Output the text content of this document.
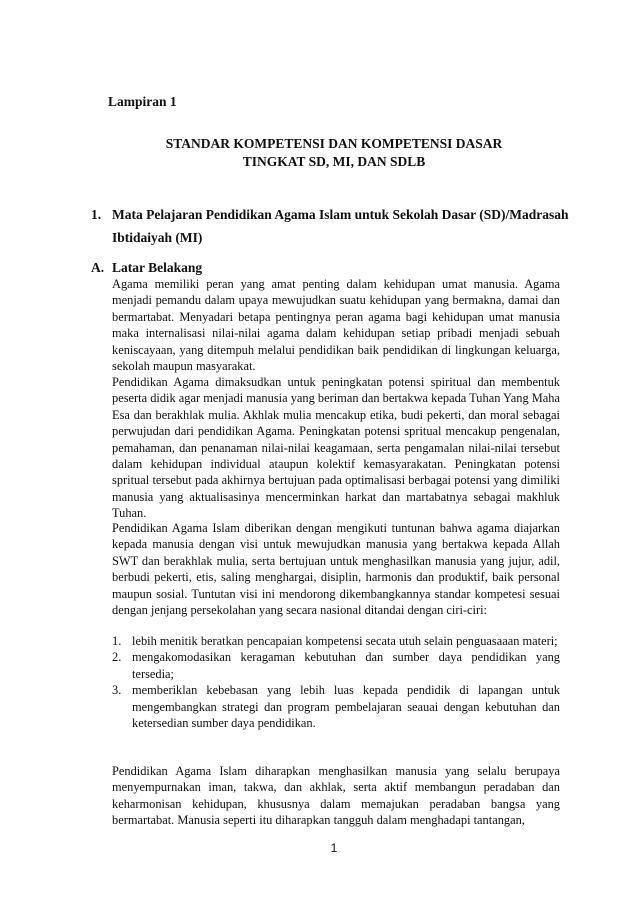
Lampiran 1

STANDAR KOMPETENSI DAN KOMPETENSI DASAR

TINGKAT SD, MI, DAN SDLB

1. Mata Pelajaran Pendidikan Agama Islam untuk Sekolah Dasar (SD)/Madrasah

Ibtidaiyah (MI)

A. Latar Belakang

Agama memiliki peran yang amat penting dalam kehidupan umat manusia. Agama menjadi pemandu dalam upaya mewujudkan suatu kehidupan yang bermakna, damai dan bermartabat. Menyadari betapa pentingnya peran agama bagi kehidupan umat manusia maka internalisasi nilai-nilai agama dalam kehidupan setiap pribadi menjadi sebuah keniscayaan, yang ditempuh melalui pendidikan baik pendidikan di lingkungan keluarga, sekolah maupun masyarakat.

Pendidikan Agama dimaksudkan untuk peningkatan potensi spiritual dan membentuk peserta didik agar menjadi manusia yang beriman dan bertakwa kepada Tuhan Yang Maha Esa dan berakhlak mulia. Akhlak mulia mencakup etika, budi pekerti, dan moral sebagai perwujudan dari pendidikan Agama. Peningkatan potensi spritual mencakup pengenalan, pemahaman, dan penanaman nilai-nilai keagamaan, serta pengamalan nilai-nilai tersebut dalam kehidupan individual ataupun kolektif kemasyarakatan. Peningkatan potensi spritual tersebut pada akhirnya bertujuan pada optimalisasi berbagai potensi yang dimiliki manusia yang aktualisasinya mencerminkan harkat dan martabatnya sebagai makhluk Tuhan.

Pendidikan Agama Islam diberikan dengan mengikuti tuntunan bahwa agama diajarkan kepada manusia dengan visi untuk mewujudkan manusia yang bertakwa kepada Allah SWT dan berakhlak mulia, serta bertujuan untuk menghasilkan manusia yang jujur, adil, berbudi pekerti, etis, saling menghargai, disiplin, harmonis dan produktif, baik personal maupun sosial. Tuntutan visi ini mendorong dikembangkannya standar kompetesi sesuai dengan jenjang persekolahan yang secara nasional ditandai dengan ciri-ciri:

1. lebih menitik beratkan pencapaian kompetensi secata utuh selain penguasaaan materi;
2. mengakomodasikan keragaman kebutuhan dan sumber daya pendidikan yang tersedia;
3. memberiklan kebebasan yang lebih luas kepada pendidik di lapangan untuk mengembangkan strategi dan program pembelajaran seauai dengan kebutuhan dan ketersedian sumber daya pendidikan.

Pendidikan Agama Islam diharapkan menghasilkan manusia yang selalu berupaya menyempurnakan iman, takwa, dan akhlak, serta aktif membangun peradaban dan keharmonisan kehidupan, khususnya dalam memajukan peradaban bangsa yang bermartabat. Manusia seperti itu diharapkan tangguh dalam menghadapi tantangan,

1
